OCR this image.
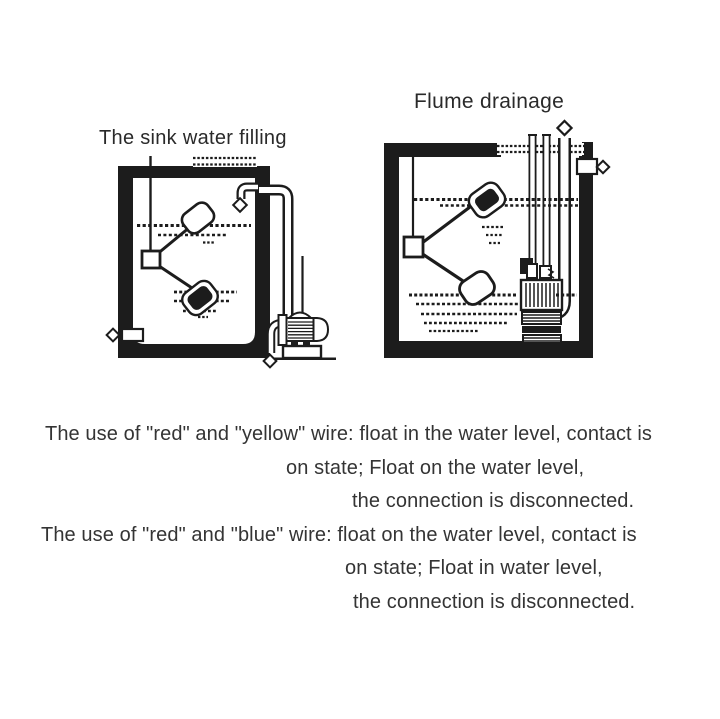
The sink water filling
Flume drainage
The use of "red" and "yellow" wire: float in the water level, contact is
on state; Float on the water level,
the connection is disconnected.
The use of "red" and "blue" wire: float on the water level, contact is
on state; Float in water level,
the connection is disconnected.
